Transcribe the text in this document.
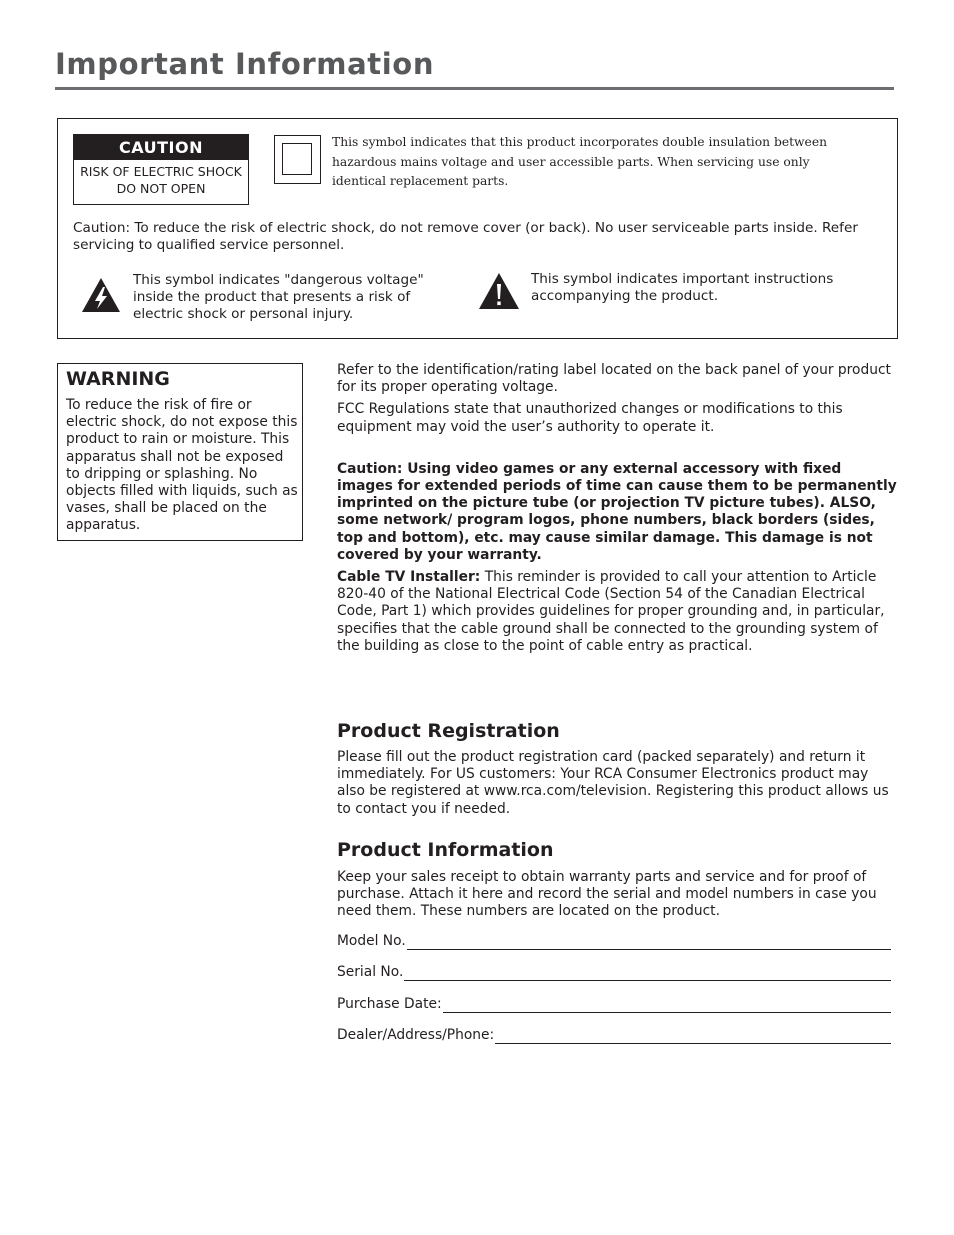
Important Information
CAUTION
RISK OF ELECTRIC SHOCK
DO NOT OPEN
This symbol indicates that this product incorporates double insulation between hazardous mains voltage and user accessible parts. When servicing use only identical replacement parts.
Caution: To reduce the risk of electric shock, do not remove cover (or back). No user serviceable parts inside. Refer servicing to qualified service personnel.
This symbol indicates "dangerous voltage" inside the product that presents a risk of electric shock or personal injury.
This symbol indicates important instructions accompanying the product.
WARNING
To reduce the risk of fire or electric shock, do not expose this product to rain or moisture. This apparatus shall not be exposed to dripping or splashing. No objects filled with liquids, such as vases, shall be placed on the apparatus.

Refer to the identification/rating label located on the back panel of your product for its proper operating voltage.

FCC Regulations state that unauthorized changes or modifications to this equipment may void the user’s authority to operate it.

Caution: Using video games or any external accessory with fixed images for extended periods of time can cause them to be permanently imprinted on the picture tube (or projection TV picture tubes). ALSO, some network/ program logos, phone numbers, black borders (sides, top and bottom), etc. may cause similar damage. This damage is not covered by your warranty.

Cable TV Installer: This reminder is provided to call your attention to Article 820-40 of the National Electrical Code (Section 54 of the Canadian Electrical Code, Part 1) which provides guidelines for proper grounding and, in particular, specifies that the cable ground shall be connected to the grounding system of the building as close to the point of cable entry as practical.

Product Registration
Please fill out the product registration card (packed separately) and return it immediately. For US customers: Your RCA Consumer Electronics product may also be registered at www.rca.com/television. Registering this product allows us to contact you if needed.
Product Information
Keep your sales receipt to obtain warranty parts and service and for proof of purchase. Attach it here and record the serial and model numbers in case you need them. These numbers are located on the product.
Model No.
Serial No.
Purchase Date:
Dealer/Address/Phone:
